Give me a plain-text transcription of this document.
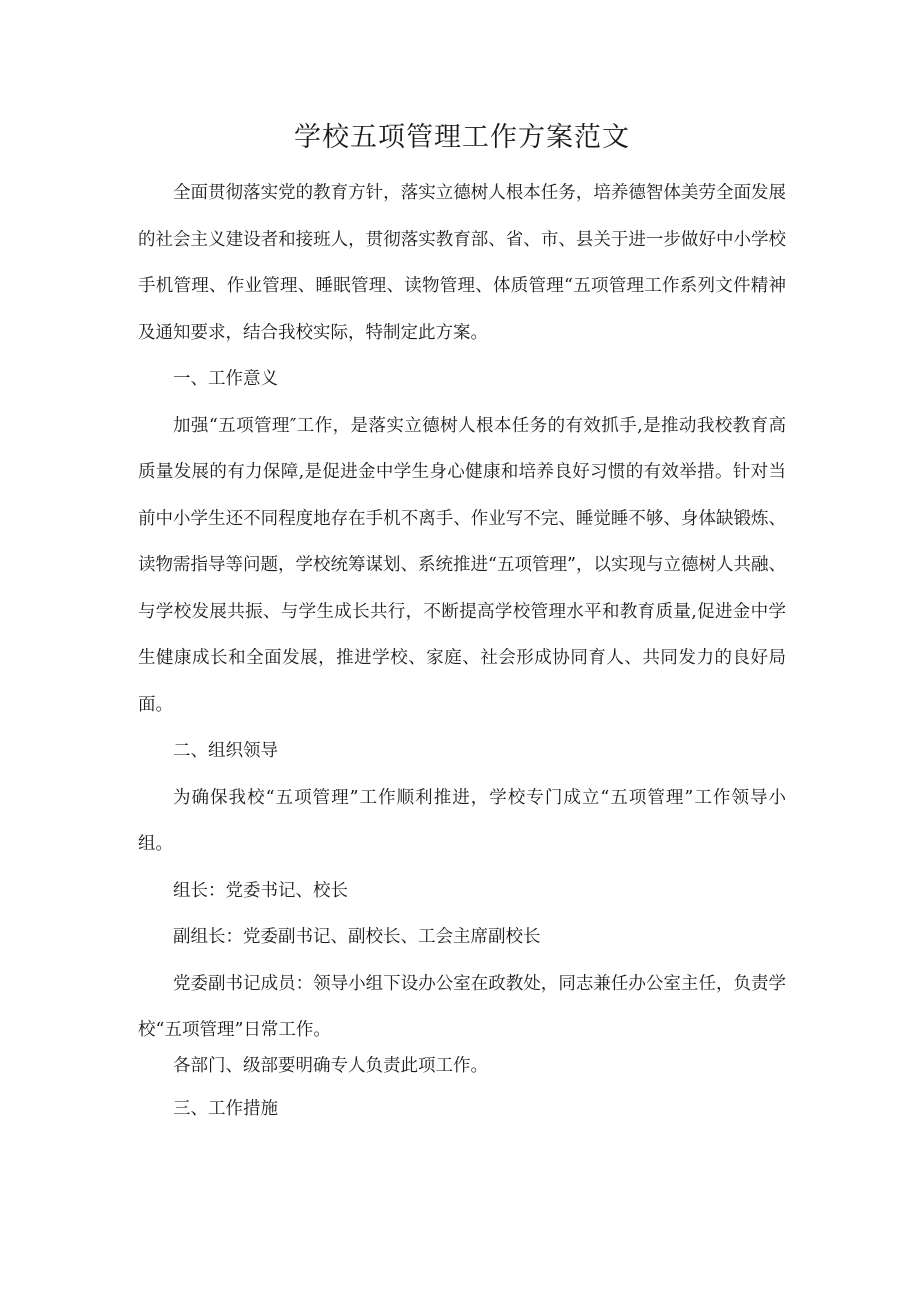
学校五项管理工作方案范文

全面贯彻落实党的教育方针，落实立德树人根本任务，培养德智体美劳全面发展的社会主义建设者和接班人，贯彻落实教育部、省、市、县关于进一步做好中小学校手机管理、作业管理、睡眠管理、读物管理、体质管理“五项管理工作系列文件精神及通知要求，结合我校实际，特制定此方案。

一、工作意义

加强“五项管理″工作，是落实立德树人根本任务的有效抓手,是推动我校教育高质量发展的有力保障,是促进金中学生身心健康和培养良好习惯的有效举措。针对当前中小学生还不同程度地存在手机不离手、作业写不完、睡觉睡不够、身体缺锻炼、读物需指导等问题，学校统筹谋划、系统推进“五项管理”，以实现与立德树人共融、与学校发展共振、与学生成长共行，不断提高学校管理水平和教育质量,促进金中学生健康成长和全面发展，推进学校、家庭、社会形成协同育人、共同发力的良好局面。

二、组织领导

为确保我校“五项管理”工作顺利推进，学校专门成立“五项管理”工作领导小组。

组长：党委书记、校长

副组长：党委副书记、副校长、工会主席副校长

党委副书记成员：领导小组下设办公室在政教处，同志兼任办公室主任，负责学校“五项管理”日常工作。

各部门、级部要明确专人负责此项工作。

三、工作措施
